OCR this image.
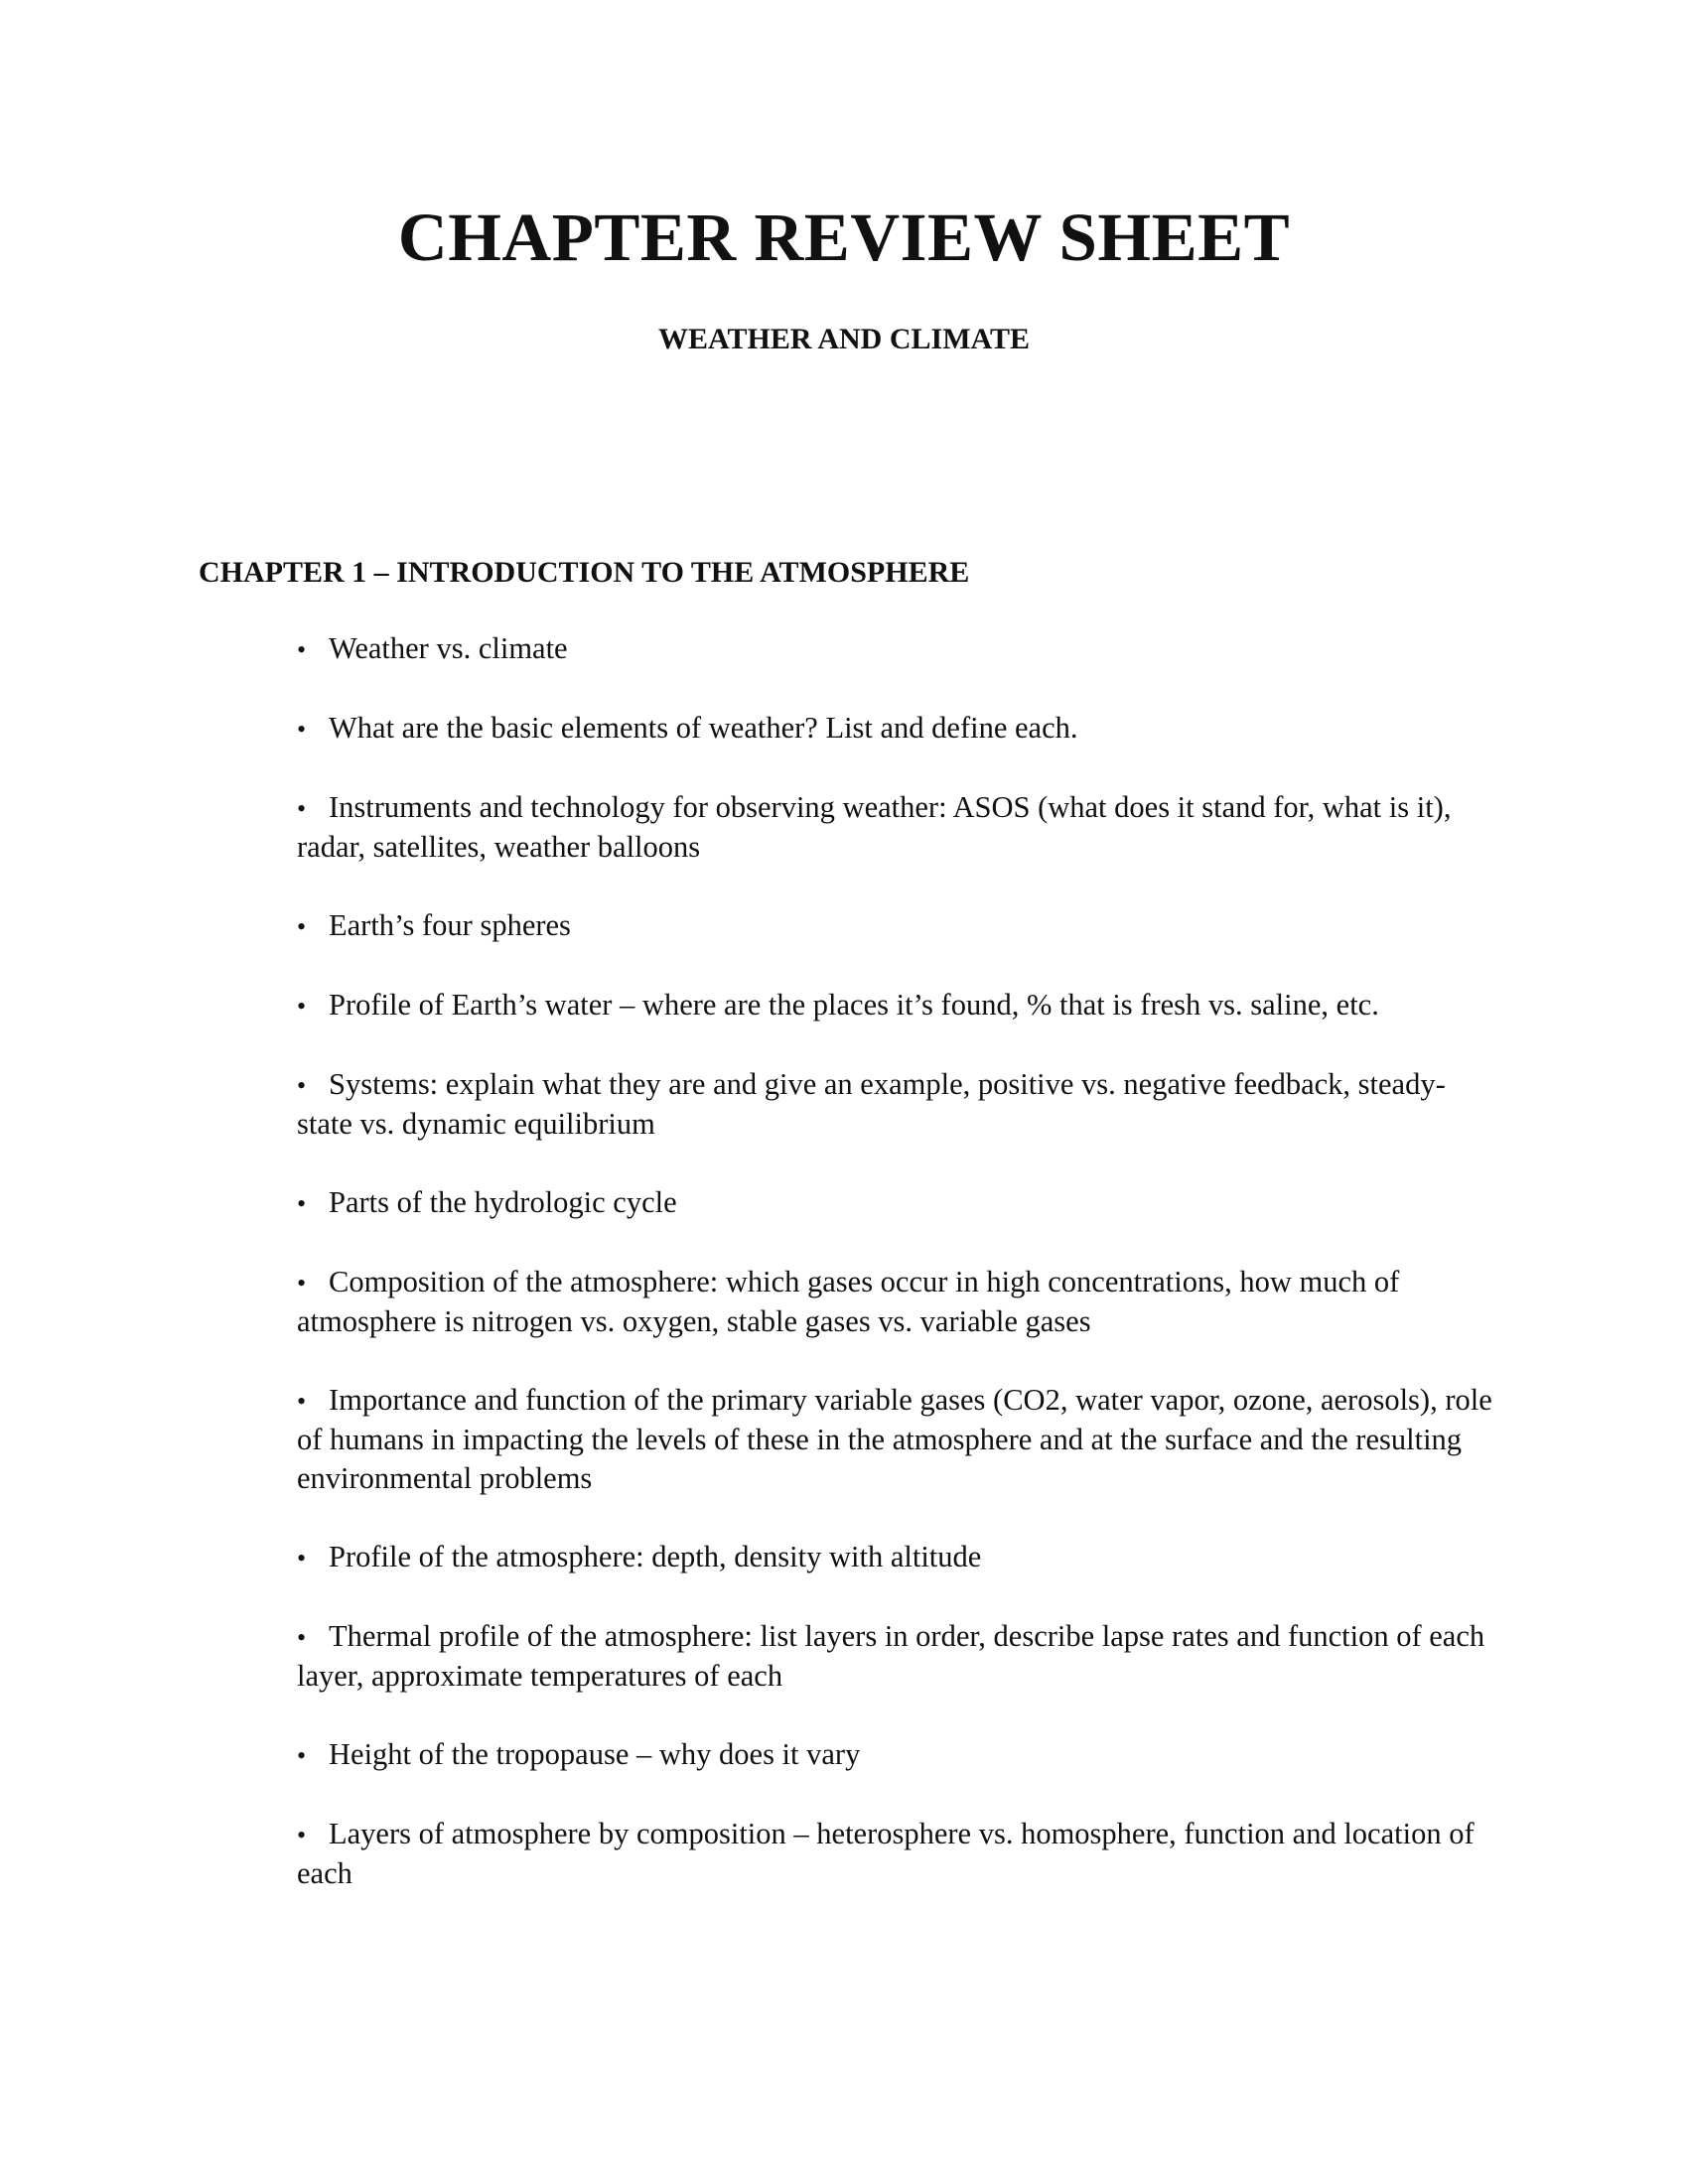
CHAPTER REVIEW SHEET
WEATHER AND CLIMATE
CHAPTER 1 – INTRODUCTION TO THE ATMOSPHERE
• Weather vs. climate
• What are the basic elements of weather? List and define each.
• Instruments and technology for observing weather: ASOS (what does it stand for, what is it), radar, satellites, weather balloons
• Earth’s four spheres
• Profile of Earth’s water – where are the places it’s found, % that is fresh vs. saline, etc.
• Systems: explain what they are and give an example, positive vs. negative feedback, steady-state vs. dynamic equilibrium
• Parts of the hydrologic cycle
• Composition of the atmosphere: which gases occur in high concentrations, how much of atmosphere is nitrogen vs. oxygen, stable gases vs. variable gases
• Importance and function of the primary variable gases (CO2, water vapor, ozone, aerosols), role of humans in impacting the levels of these in the atmosphere and at the surface and the resulting environmental problems
• Profile of the atmosphere: depth, density with altitude
• Thermal profile of the atmosphere: list layers in order, describe lapse rates and function of each layer, approximate temperatures of each
• Height of the tropopause – why does it vary
• Layers of atmosphere by composition – heterosphere vs. homosphere, function and location of each
